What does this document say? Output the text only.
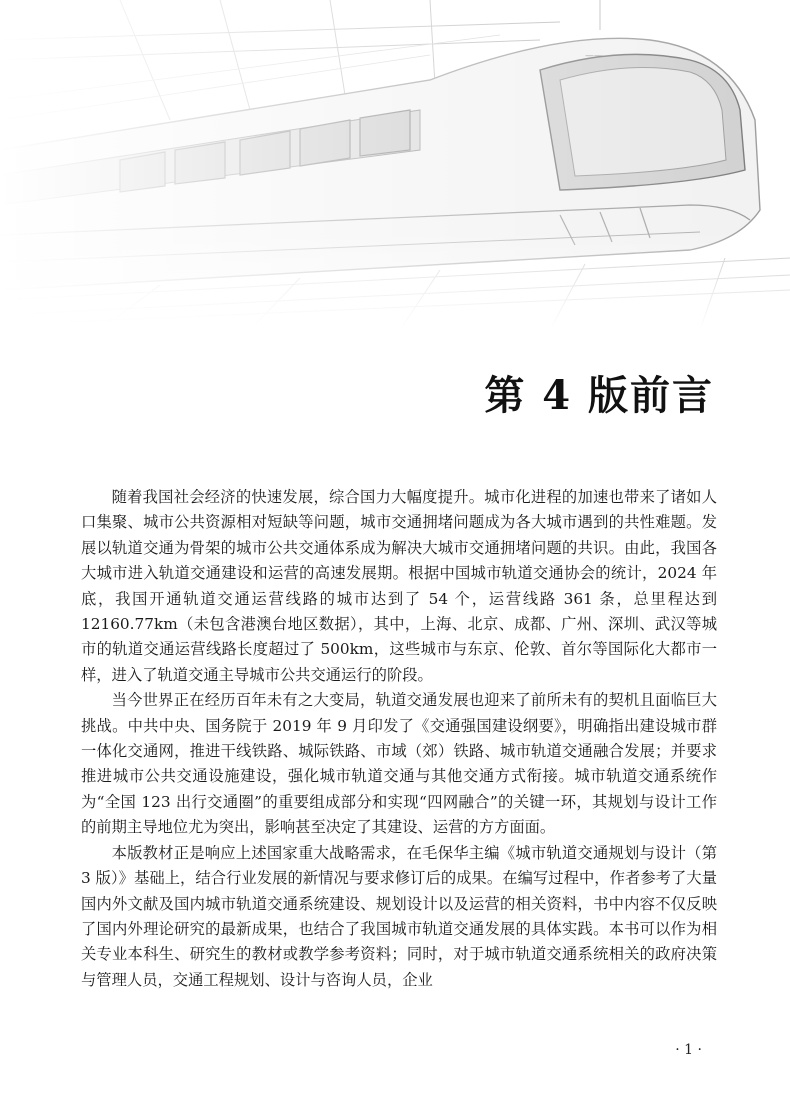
第 4 版前言

随着我国社会经济的快速发展，综合国力大幅度提升。城市化进程的加速也带来了诸如人口集聚、城市公共资源相对短缺等问题，城市交通拥堵问题成为各大城市遇到的共性难题。发展以轨道交通为骨架的城市公共交通体系成为解决大城市交通拥堵问题的共识。由此，我国各大城市进入轨道交通建设和运营的高速发展期。根据中国城市轨道交通协会的统计，2024 年底，我国开通轨道交通运营线路的城市达到了 54 个，运营线路 361 条，总里程达到 12160.77km（未包含港澳台地区数据），其中，上海、北京、成都、广州、深圳、武汉等城市的轨道交通运营线路长度超过了 500km，这些城市与东京、伦敦、首尔等国际化大都市一样，进入了轨道交通主导城市公共交通运行的阶段。

当今世界正在经历百年未有之大变局，轨道交通发展也迎来了前所未有的契机且面临巨大挑战。中共中央、国务院于 2019 年 9 月印发了《交通强国建设纲要》，明确指出建设城市群一体化交通网，推进干线铁路、城际铁路、市域（郊）铁路、城市轨道交通融合发展；并要求推进城市公共交通设施建设，强化城市轨道交通与其他交通方式衔接。城市轨道交通系统作为“全国 123 出行交通圈”的重要组成部分和实现“四网融合”的关键一环，其规划与设计工作的前期主导地位尤为突出，影响甚至决定了其建设、运营的方方面面。

本版教材正是响应上述国家重大战略需求，在毛保华主编《城市轨道交通规划与设计（第 3 版）》基础上，结合行业发展的新情况与要求修订后的成果。在编写过程中，作者参考了大量国内外文献及国内城市轨道交通系统建设、规划设计以及运营的相关资料，书中内容不仅反映了国内外理论研究的最新成果，也结合了我国城市轨道交通发展的具体实践。本书可以作为相关专业本科生、研究生的教材或教学参考资料；同时，对于城市轨道交通系统相关的政府决策与管理人员，交通工程规划、设计与咨询人员，企业

· 1 ·
